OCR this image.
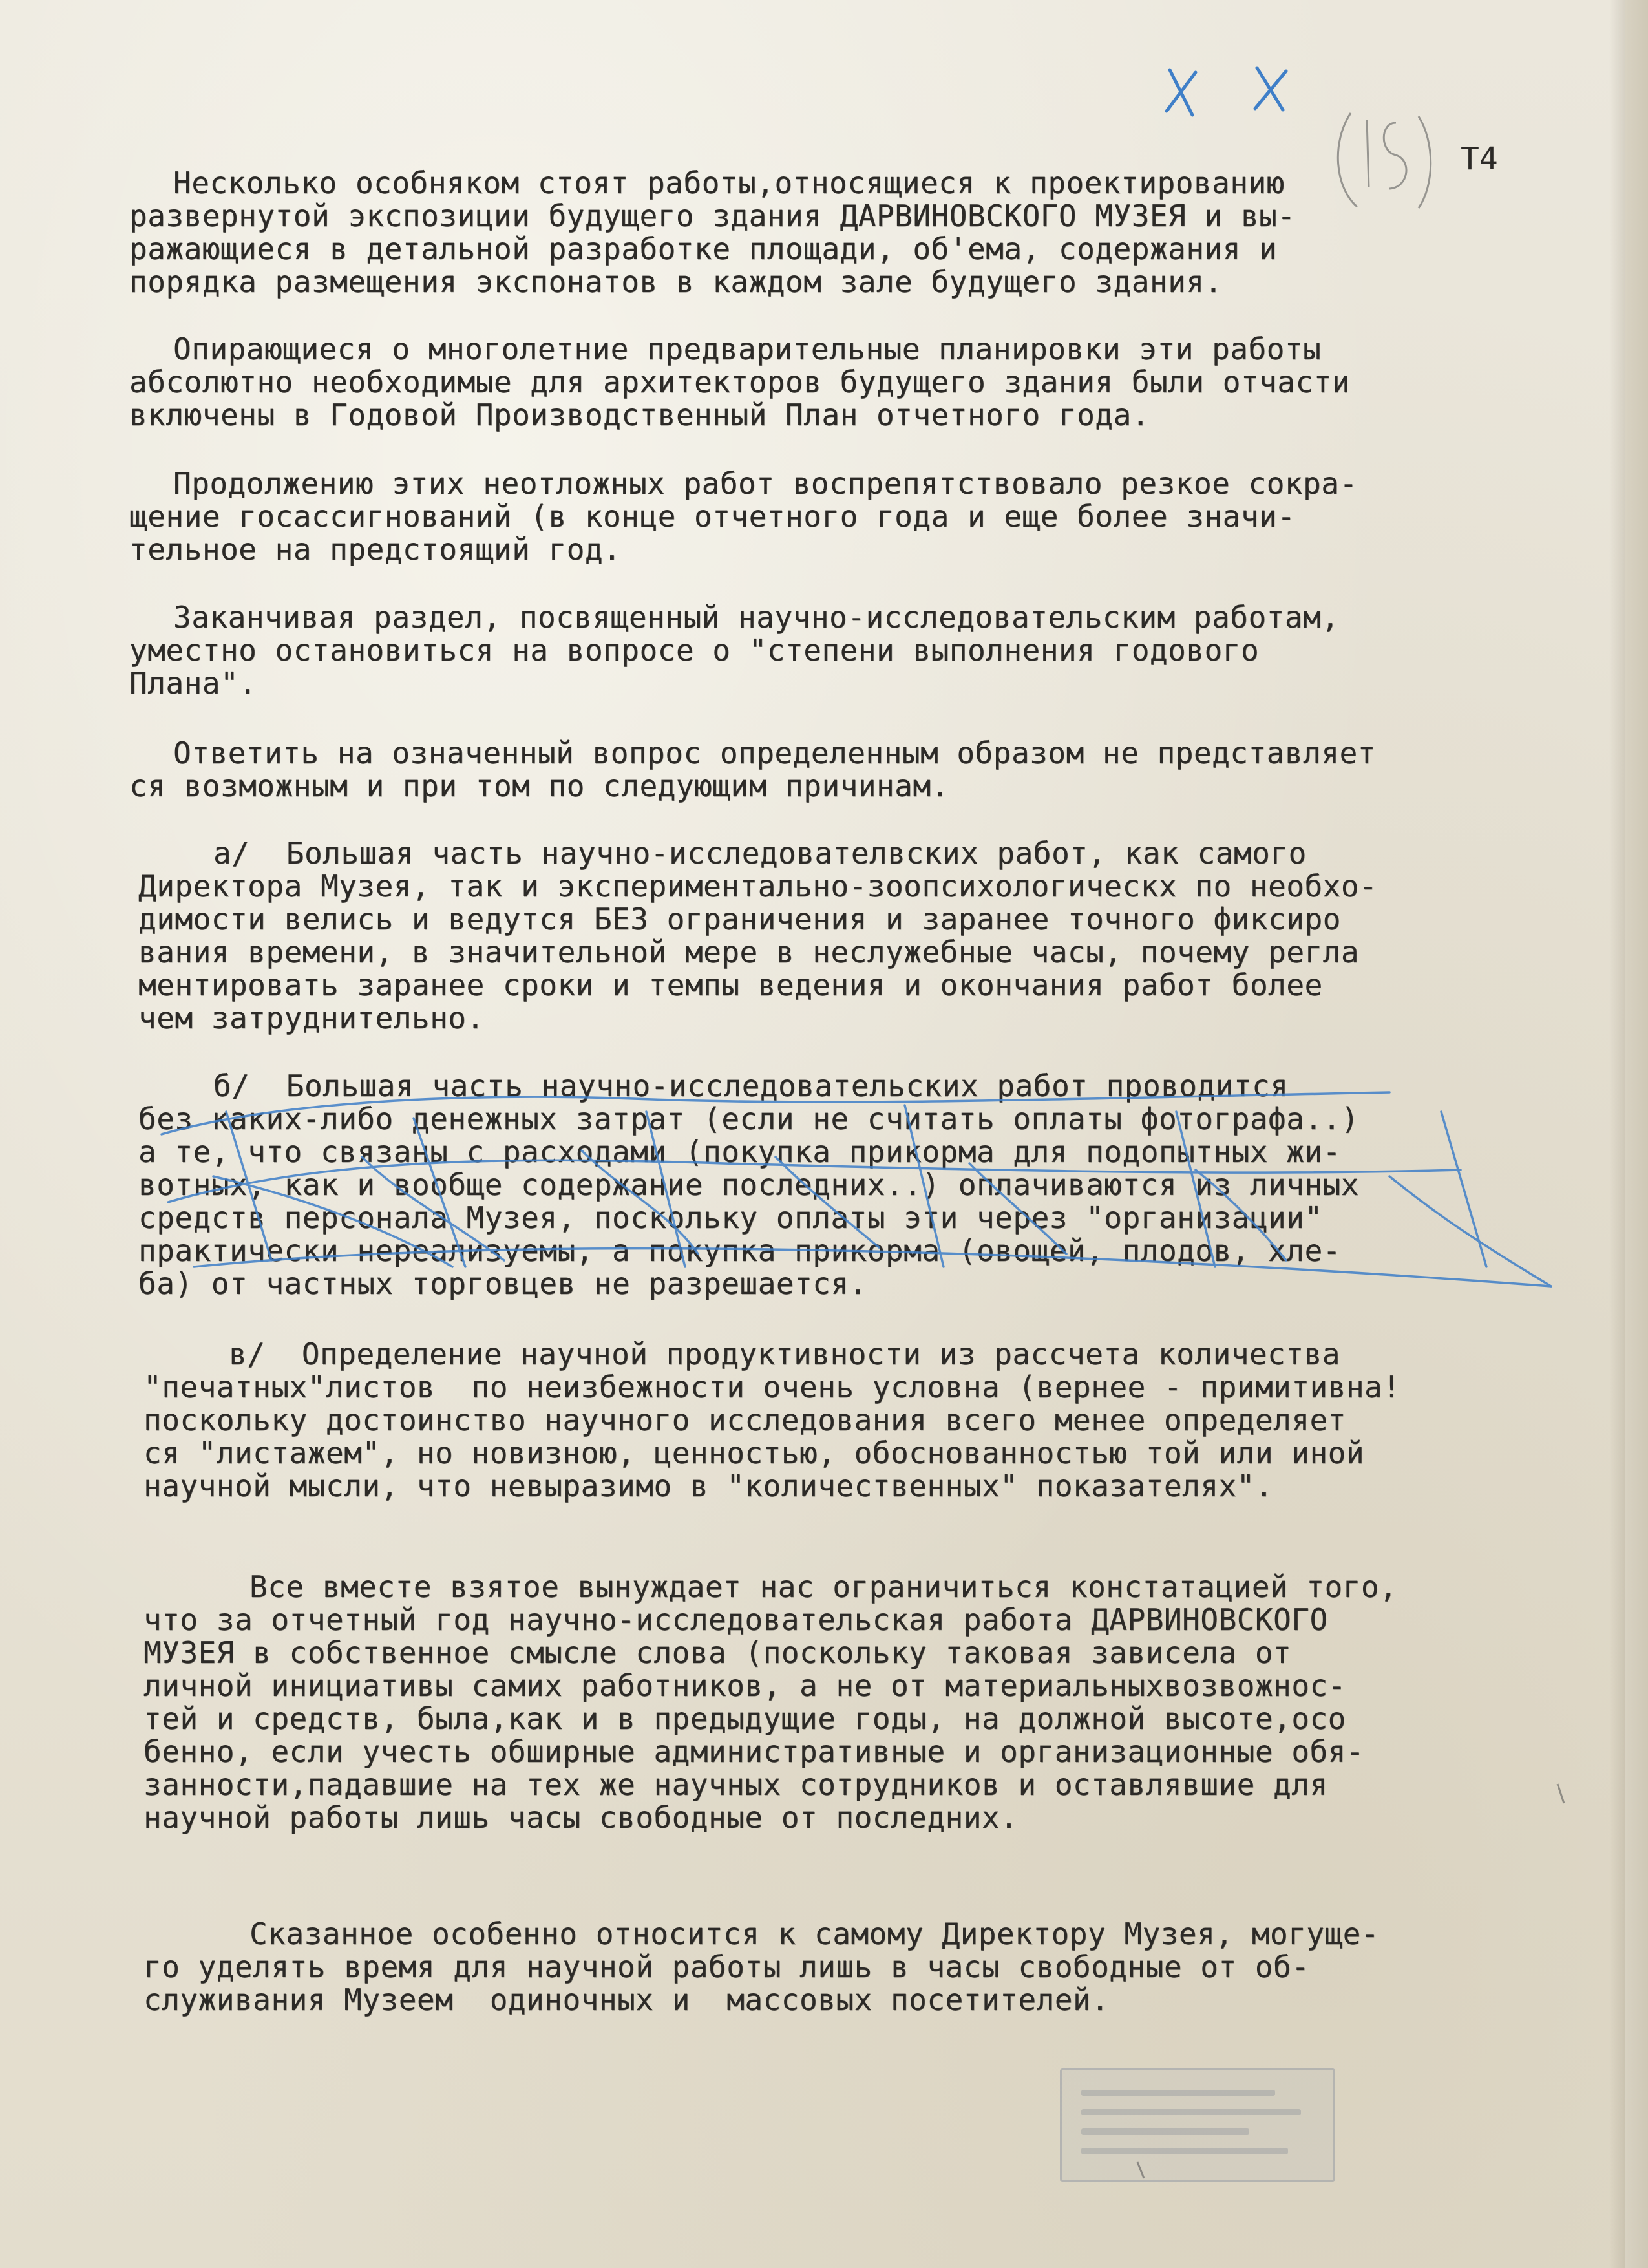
Т4
Несколько особняком стоят работы,относящиеся к проектированию
развернутой экспозиции будущего здания ДАРВИНОВСКОГО МУЗЕЯ и вы-
ражающиеся в детальной разработке площади, об'ема, содержания и
порядка размещения экспонатов в каждом зале будущего здания.
Опирающиеся о многолетние предварительные планировки эти работы
абсолютно необходимые для архитекторов будущего здания были отчасти
включены в Годовой Производственный План отчетного года.
Продолжению этих неотложных работ воспрепятствовало резкое сокра-
щение госассигнований (в конце отчетного года и еще более значи-
тельное на предстоящий год.
Заканчивая раздел, посвященный научно-исследовательским работам,
уместно остановиться на вопросе о "степени выполнения годового
Плана".
Ответить на означенный вопрос определенным образом не представляет
ся возможным и при том по следующим причинам.
а/  Большая часть научно-исследователвских работ, как самого
Директора Музея, так и экспериментально-зоопсихологическх по необхо-
димости велись и ведутся БЕЗ ограничения и заранее точного фиксиро
вания времени, в значительной мере в неслужебные часы, почему регла
ментировать заранее сроки и темпы ведения и окончания работ более
чем затруднительно.
б/  Большая часть научно-исследовательских работ проводится
без каких-либо денежных затрат (если не считать оплаты фотографа..)
а те, что связаны с расходами (покупка прикорма для подопытных жи-
вотных, как и вообще содержание последних..) оплачиваются из личных
средств персонала Музея, поскольку оплаты эти через "организации"
практически нереализуемы, а покупка прикорма (овощей, плодов, хле-
ба) от частных торговцев не разрешается.
в/  Определение научной продуктивности из рассчета количества
"печатных"листов  по неизбежности очень условна (вернее - примитивна!
поскольку достоинство научного исследования всего менее определяет
ся "листажем", но новизною, ценностью, обоснованностью той или иной
научной мысли, что невыразимо в "количественных" показателях".
Все вместе взятое вынуждает нас ограничиться констатацией того,
что за отчетный год научно-исследовательская работа ДАРВИНОВСКОГО
МУЗЕЯ в собственное смысле слова (поскольку таковая зависела от
личной инициативы самих работников, а не от материальныхвозвожнос-
тей и средств, была,как и в предыдущие годы, на должной высоте,осо
бенно, если учесть обширные административные и организационные обя-
занности,падавшие на тех же научных сотрудников и оставлявшие для
научной работы лишь часы свободные от последних.
Сказанное особенно относится к самому Директору Музея, могуще-
го уделять время для научной работы лишь в часы свободные от об-
служивания Музеем  одиночных и  массовых посетителей.
